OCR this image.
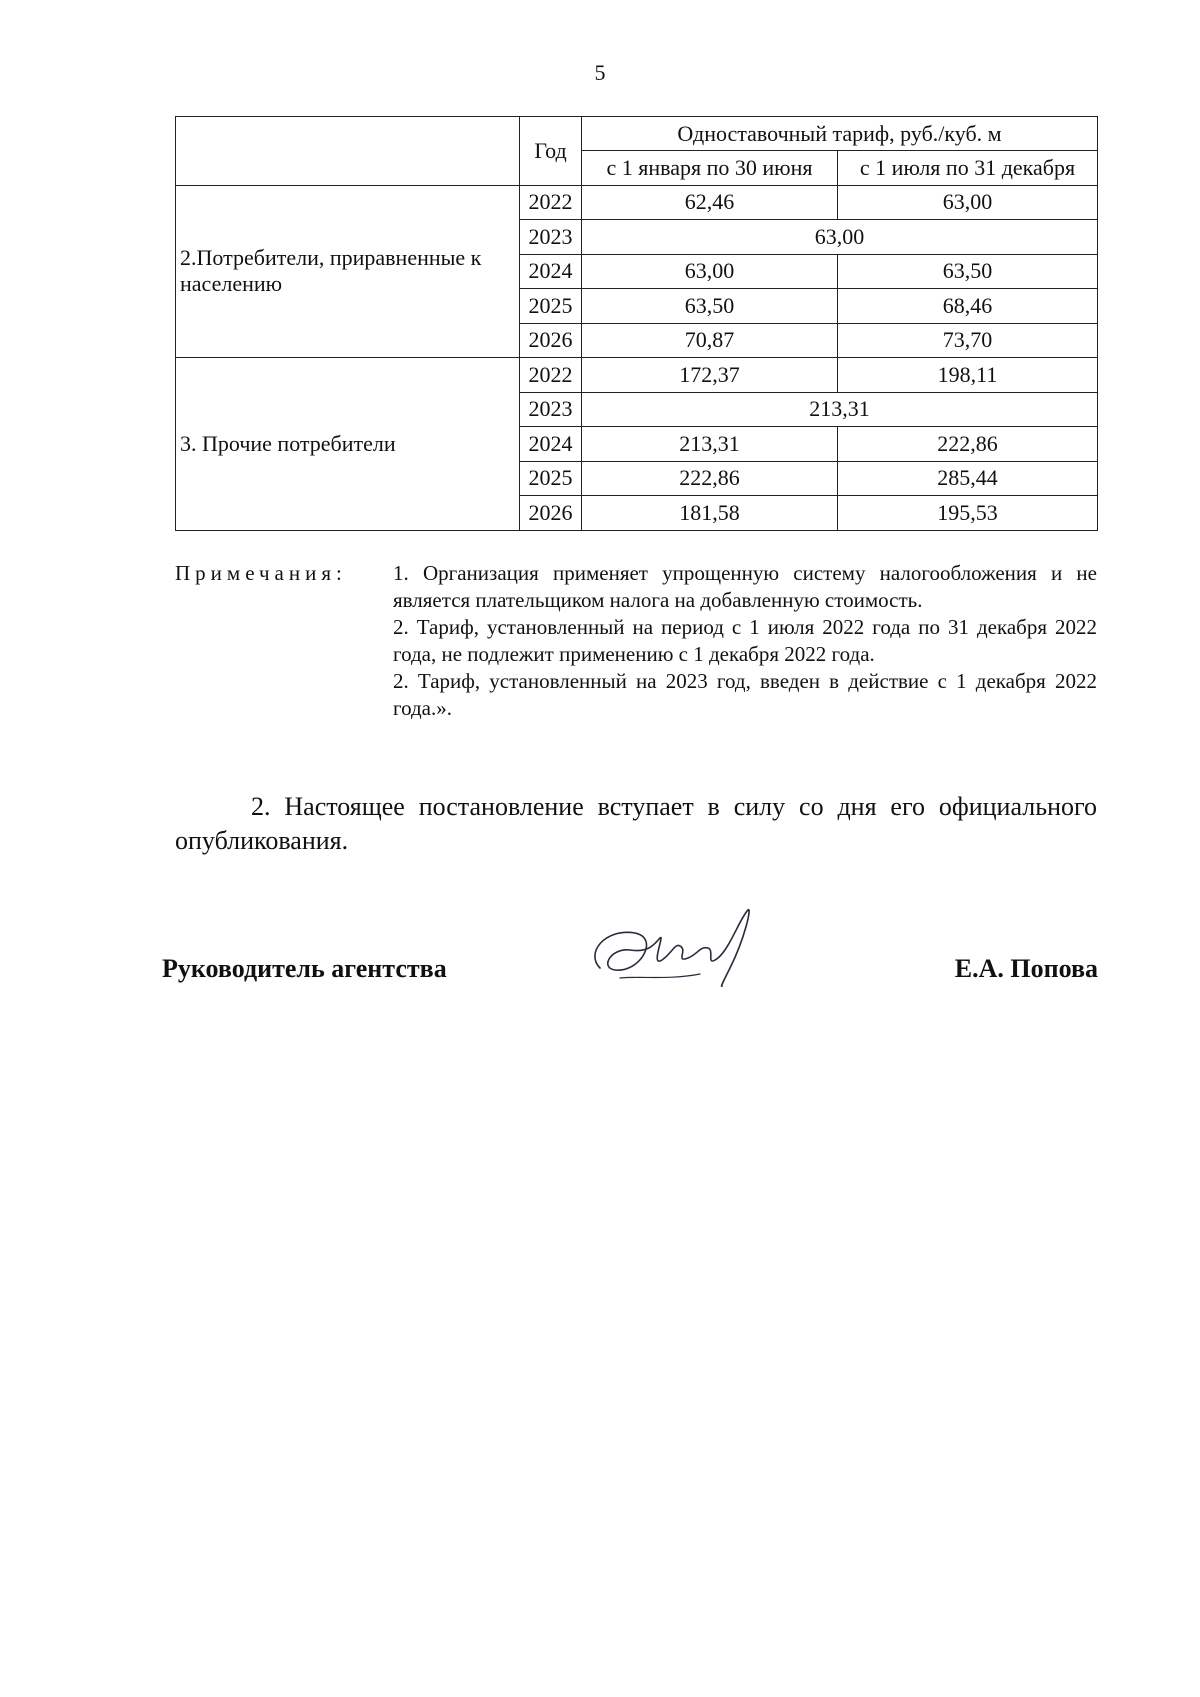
5
	Год	Одноставочный тариф, руб./куб. м	
		с 1 января по 30 июня	с 1 июля по 31 декабря
2.Потребители, приравненные к населению	2022	62,46	63,00
	2023	63,00	
	2024	63,00	63,50
	2025	63,50	68,46
	2026	70,87	73,70
3. Прочие потребители	2022	172,37	198,11
	2023	213,31	
	2024	213,31	222,86
	2025	222,86	285,44
	2026	181,58	195,53
Примечания: 1. Организация применяет упрощенную систему налогообложения и не является плательщиком налога на добавленную стоимость.

2. Тариф, установленный на период с 1 июля 2022 года по 31 декабря 2022 года, не подлежит применению с 1 декабря 2022 года.

2. Тариф, установленный на 2023 год, введен в действие с 1 декабря 2022 года.».

2. Настоящее постановление вступает в силу со дня его официального опубликования.

Руководитель агентства	Е.А. Попова
